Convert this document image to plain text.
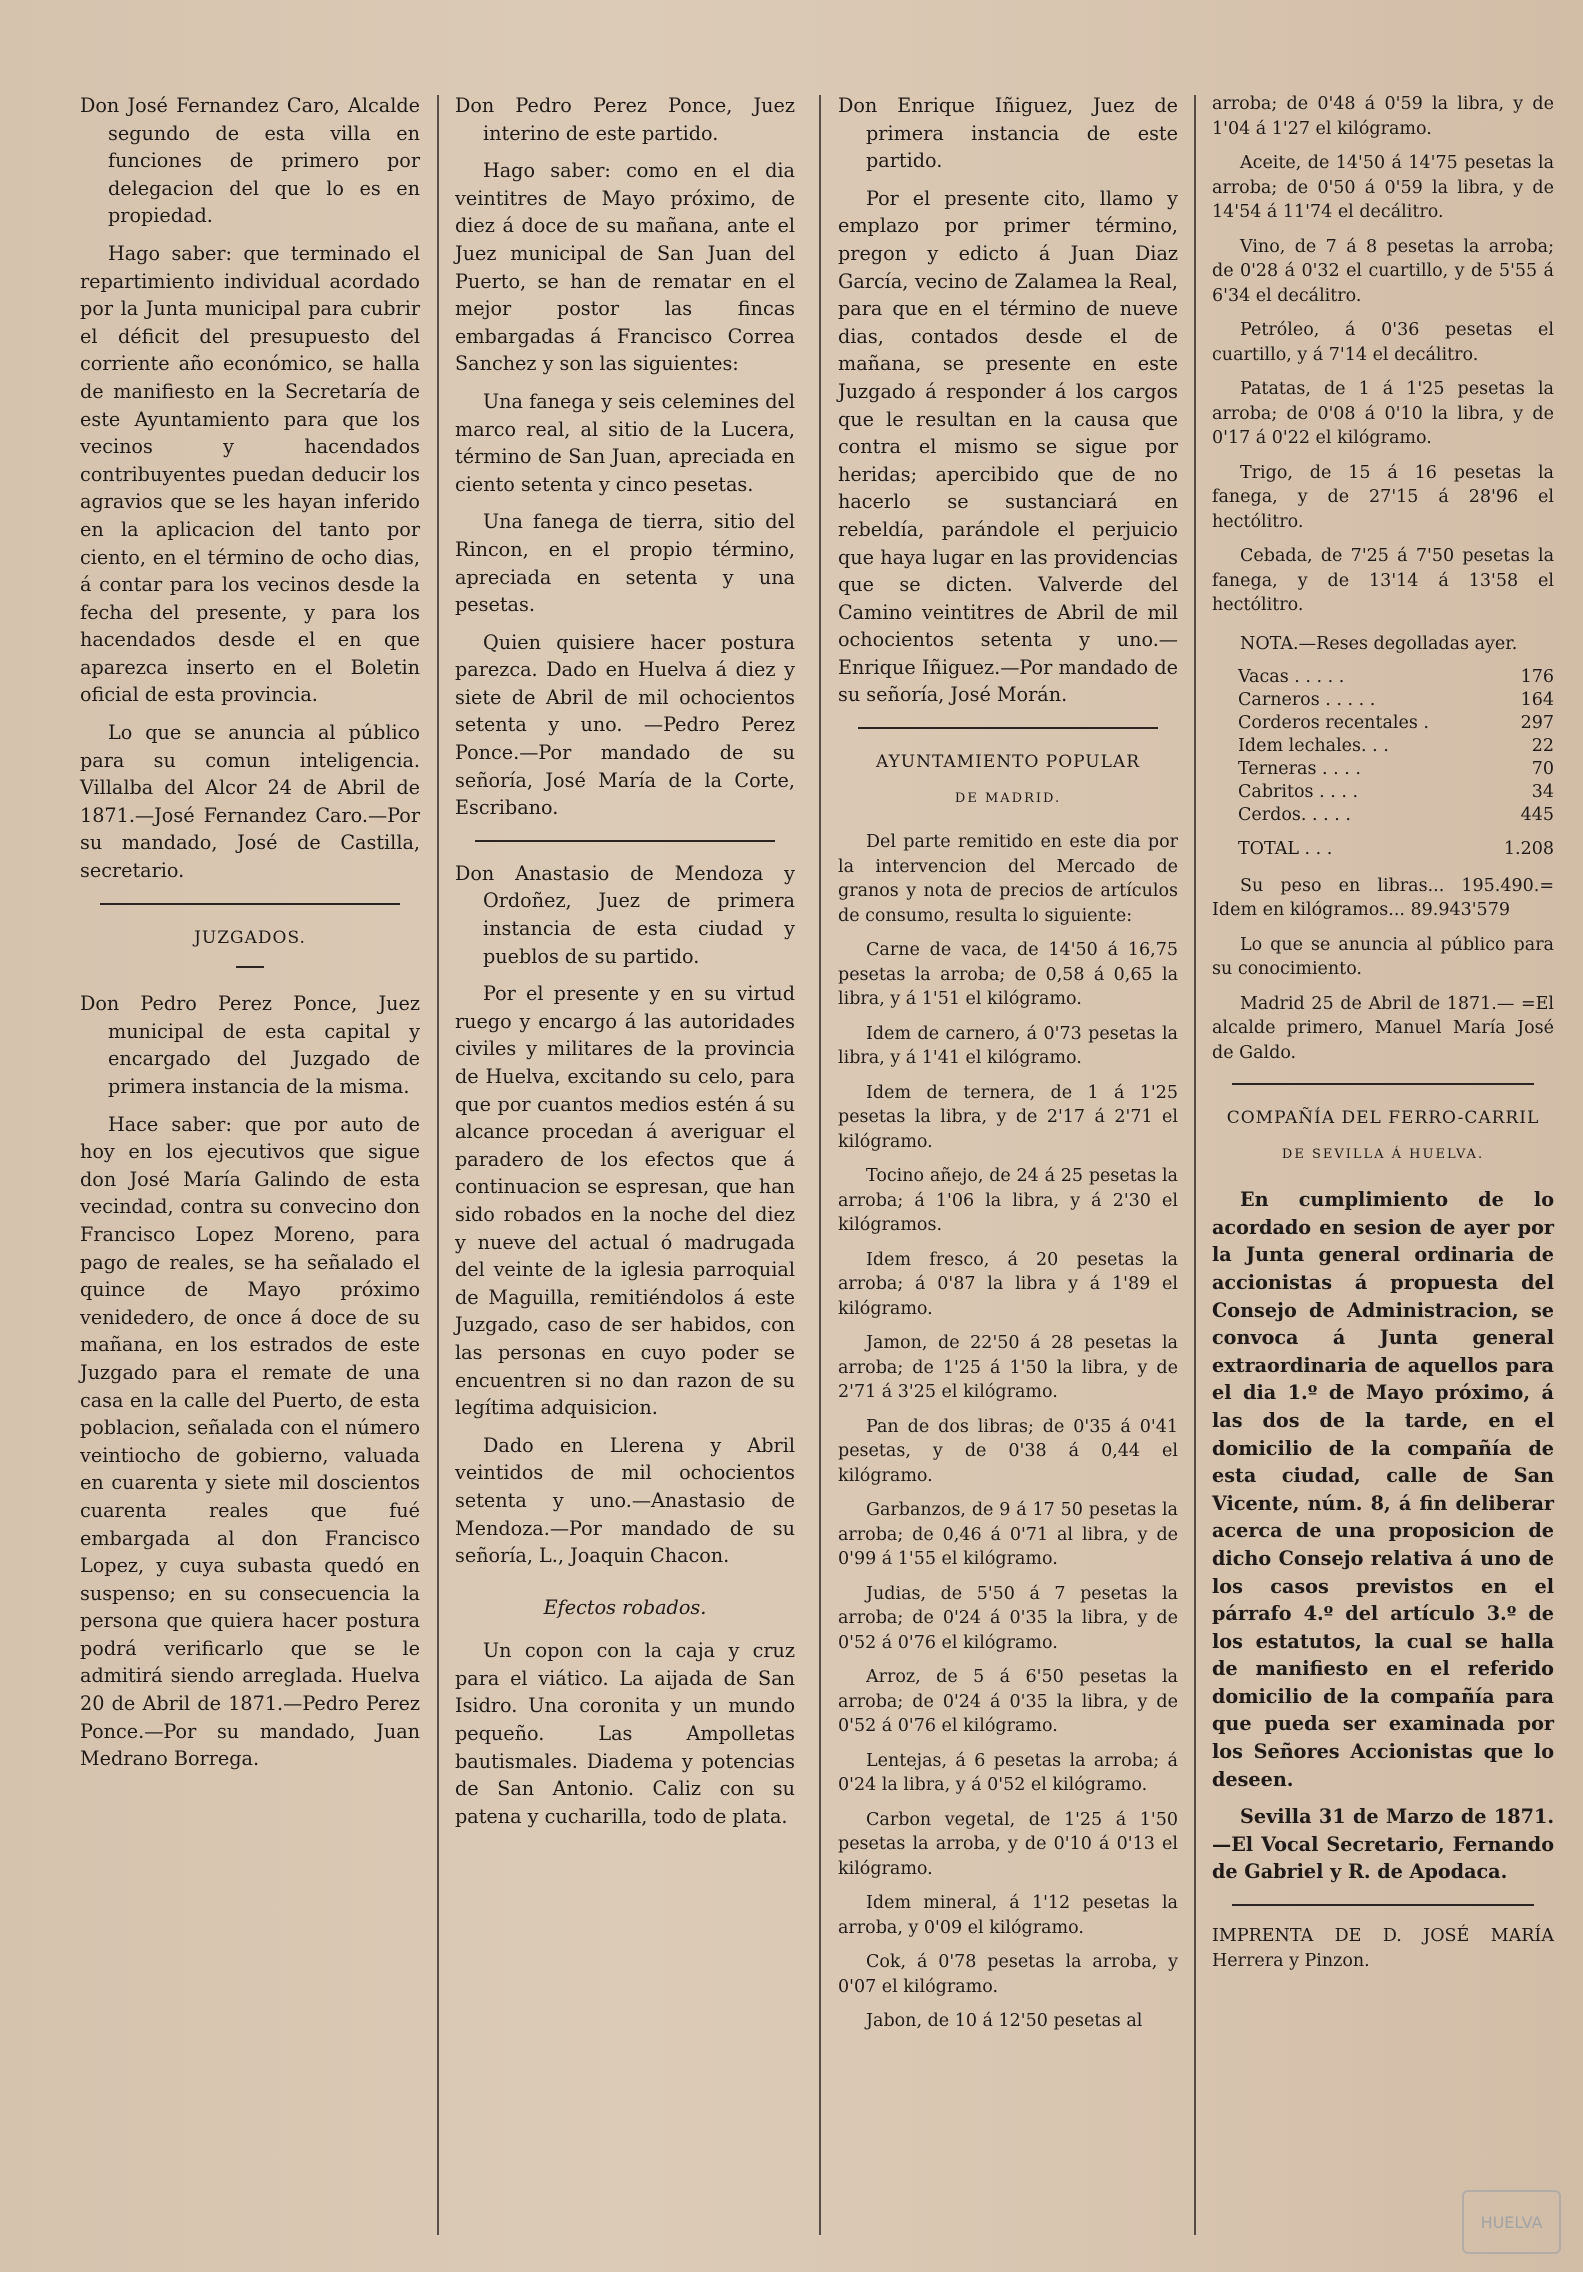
Don José Fernandez Caro, Alcalde segundo de esta villa en funciones de primero por delegacion del que lo es en propiedad.

Hago saber: que terminado el repartimiento individual acordado por la Junta municipal para cubrir el déficit del presupuesto del corriente año económico, se halla de manifiesto en la Secretaría de este Ayuntamiento para que los vecinos y hacendados contribuyentes puedan deducir los agravios que se les hayan inferido en la aplicacion del tanto por ciento, en el término de ocho dias, á contar para los vecinos desde la fecha del presente, y para los hacendados desde el en que aparezca inserto en el Boletin oficial de esta provincia.

Lo que se anuncia al público para su comun inteligencia. Villalba del Alcor 24 de Abril de 1871.—José Fernandez Caro.—Por su mandado, José de Castilla, secretario.

JUZGADOS.

Don Pedro Perez Ponce, Juez municipal de esta capital y encargado del Juzgado de primera instancia de la misma.

Hace saber: que por auto de hoy en los ejecutivos que sigue don José María Galindo de esta vecindad, contra su convecino don Francisco Lopez Moreno, para pago de reales, se ha señalado el quince de Mayo próximo venidedero, de once á doce de su mañana, en los estrados de este Juzgado para el remate de una casa en la calle del Puerto, de esta poblacion, señalada con el número veintiocho de gobierno, valuada en cuarenta y siete mil doscientos cuarenta reales que fué embargada al don Francisco Lopez, y cuya subasta quedó en suspenso; en su consecuencia la persona que quiera hacer postura podrá verificarlo que se le admitirá siendo arreglada. Huelva 20 de Abril de 1871.—Pedro Perez Ponce.—Por su mandado, Juan Medrano Borrega.

Don Pedro Perez Ponce, Juez interino de este partido.

Hago saber: como en el dia veintitres de Mayo próximo, de diez á doce de su mañana, ante el Juez municipal de San Juan del Puerto, se han de rematar en el mejor postor las fincas embargadas á Francisco Correa Sanchez y son las siguientes:

Una fanega y seis celemines del marco real, al sitio de la Lucera, término de San Juan, apreciada en ciento setenta y cinco pesetas.

Una fanega de tierra, sitio del Rincon, en el propio término, apreciada en setenta y una pesetas.

Quien quisiere hacer postura parezca. Dado en Huelva á diez y siete de Abril de mil ochocientos setenta y uno. —Pedro Perez Ponce.—Por mandado de su señoría, José María de la Corte, Escribano.

Don Anastasio de Mendoza y Ordoñez, Juez de primera instancia de esta ciudad y pueblos de su partido.

Por el presente y en su virtud ruego y encargo á las autoridades civiles y militares de la provincia de Huelva, excitando su celo, para que por cuantos medios estén á su alcance procedan á averiguar el paradero de los efectos que á continuacion se espresan, que han sido robados en la noche del diez y nueve del actual ó madrugada del veinte de la iglesia parroquial de Maguilla, remitiéndolos á este Juzgado, caso de ser habidos, con las personas en cuyo poder se encuentren si no dan razon de su legítima adquisicion.

Dado en Llerena y Abril veintidos de mil ochocientos setenta y uno.—Anastasio de Mendoza.—Por mandado de su señoría, L., Joaquin Chacon.

Efectos robados.

Un copon con la caja y cruz para el viático. La aijada de San Isidro. Una coronita y un mundo pequeño. Las Ampolletas bautismales. Diadema y potencias de San Antonio. Caliz con su patena y cucharilla, todo de plata.

Don Enrique Iñiguez, Juez de primera instancia de este partido.

Por el presente cito, llamo y emplazo por primer término, pregon y edicto á Juan Diaz García, vecino de Zalamea la Real, para que en el término de nueve dias, contados desde el de mañana, se presente en este Juzgado á responder á los cargos que le resultan en la causa que contra el mismo se sigue por heridas; apercibido que de no hacerlo se sustanciará en rebeldía, parándole el perjuicio que haya lugar en las providencias que se dicten. Valverde del Camino veintitres de Abril de mil ochocientos setenta y uno.—Enrique Iñiguez.—Por mandado de su señoría, José Morán.

AYUNTAMIENTO POPULAR
DE MADRID.

Del parte remitido en este dia por la intervencion del Mercado de granos y nota de precios de artículos de consumo, resulta lo siguiente:

Carne de vaca, de 14'50 á 16,75 pesetas la arroba; de 0,58 á 0,65 la libra, y á 1'51 el kilógramo.

Idem de carnero, á 0'73 pesetas la libra, y á 1'41 el kilógramo.

Idem de ternera, de 1 á 1'25 pesetas la libra, y de 2'17 á 2'71 el kilógramo.

Tocino añejo, de 24 á 25 pesetas la arroba; á 1'06 la libra, y á 2'30 el kilógramos.

Idem fresco, á 20 pesetas la arroba; á 0'87 la libra y á 1'89 el kilógramo.

Jamon, de 22'50 á 28 pesetas la arroba; de 1'25 á 1'50 la libra, y de 2'71 á 3'25 el kilógramo.

Pan de dos libras; de 0'35 á 0'41 pesetas, y de 0'38 á 0,44 el kilógramo.

Garbanzos, de 9 á 17 50 pesetas la arroba; de 0,46 á 0'71 al libra, y de 0'99 á 1'55 el kilógramo.

Judias, de 5'50 á 7 pesetas la arroba; de 0'24 á 0'35 la libra, y de 0'52 á 0'76 el kilógramo.

Arroz, de 5 á 6'50 pesetas la arroba; de 0'24 á 0'35 la libra, y de 0'52 á 0'76 el kilógramo.

Lentejas, á 6 pesetas la arroba; á 0'24 la libra, y á 0'52 el kilógramo.

Carbon vegetal, de 1'25 á 1'50 pesetas la arroba, y de 0'10 á 0'13 el kilógramo.

Idem mineral, á 1'12 pesetas la arroba, y 0'09 el kilógramo.

Cok, á 0'78 pesetas la arroba, y 0'07 el kilógramo.

Jabon, de 10 á 12'50 pesetas al

arroba; de 0'48 á 0'59 la libra, y de 1'04 á 1'27 el kilógramo.

Aceite, de 14'50 á 14'75 pesetas la arroba; de 0'50 á 0'59 la libra, y de 14'54 á 11'74 el decálitro.

Vino, de 7 á 8 pesetas la arroba; de 0'28 á 0'32 el cuartillo, y de 5'55 á 6'34 el decálitro.

Petróleo, á 0'36 pesetas el cuartillo, y á 7'14 el decálitro.

Patatas, de 1 á 1'25 pesetas la arroba; de 0'08 á 0'10 la libra, y de 0'17 á 0'22 el kilógramo.

Trigo, de 15 á 16 pesetas la fanega, y de 27'15 á 28'96 el hectólitro.

Cebada, de 7'25 á 7'50 pesetas la fanega, y de 13'14 á 13'58 el hectólitro.

NOTA.—Reses degolladas ayer.

Vacas . . . . .	176
Carneros . . . . .	164
Corderos recentales .	297
Idem lechales. . .	22
Terneras . . . .	70
Cabritos . . . .	34
Cerdos. . . . .	445
TOTAL . . .	1.208

Su peso en libras... 195.490.= Idem en kilógramos... 89.943'579

Lo que se anuncia al público para su conocimiento.

Madrid 25 de Abril de 1871.— =El alcalde primero, Manuel María José de Galdo.

COMPAÑÍA DEL FERRO-CARRIL
DE SEVILLA Á HUELVA.

En cumplimiento de lo acordado en sesion de ayer por la Junta general ordinaria de accionistas á propuesta del Consejo de Administracion, se convoca á Junta general extraordinaria de aquellos para el dia 1.º de Mayo próximo, á las dos de la tarde, en el domicilio de la compañía de esta ciudad, calle de San Vicente, núm. 8, á fin deliberar acerca de una proposicion de dicho Consejo relativa á uno de los casos previstos en el párrafo 4.º del artículo 3.º de los estatutos, la cual se halla de manifiesto en el referido domicilio de la compañía para que pueda ser examinada por los Señores Accionistas que lo deseen.

Sevilla 31 de Marzo de 1871.—El Vocal Secretario, Fernando de Gabriel y R. de Apodaca.

IMPRENTA DE D. JOSÉ MARÍA Herrera y Pinzon.

HUELVA
